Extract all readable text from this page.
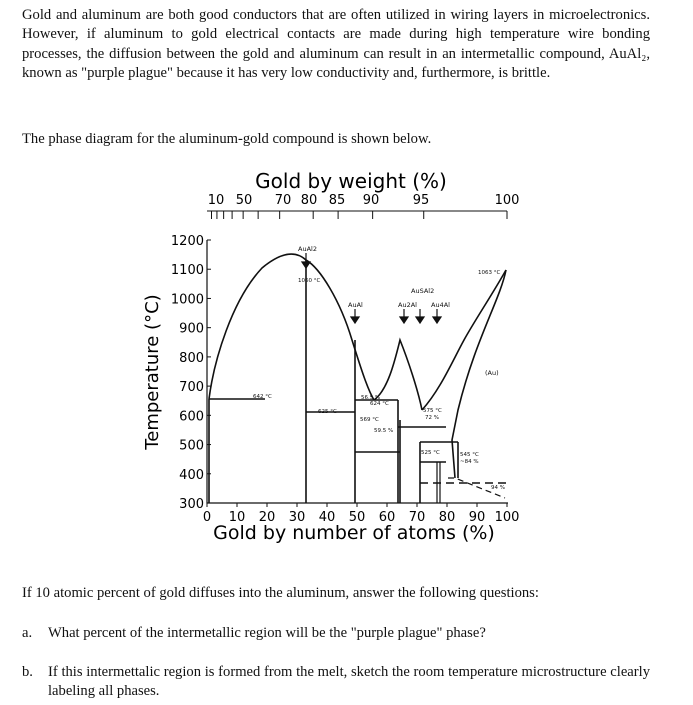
Gold and aluminum are both good conductors that are often utilized in wiring layers in microelectronics. However, if aluminum to gold electrical contacts are made during high temperature wire bonding processes, the diffusion between the gold and aluminum can result in an intermetallic compound, AuAl₂, known as "purple plague" because it has very low conductivity and, furthermore, is brittle.

The phase diagram for the aluminum-gold compound is shown below.

Gold by weight (%)
Gold by number of atoms (%)
Temperature (°C)
10 50 70 80 85 90	95	100
0 10 20 30 40 50 60 70 80 90 100
300
400
500
600
700
800
900
1000
1100
1200	AuAl2
AuAl
AuSAl2
Au2Al Au4Al
(Au)
1060 °C
1063 °C
642 °C
625 °C
56.5 %
624 °C
569 °C
59.5 %
575 °C
72 %
545 °C
~84 %
525 °C
94 %

If 10 atomic percent of gold diffuses into the aluminum, answer the following questions:

a. What percent of the intermetallic region will be the "purple plague" phase?
b. If this intermettalic region is formed from the melt, sketch the room temperature microstructure clearly labeling all phases.
